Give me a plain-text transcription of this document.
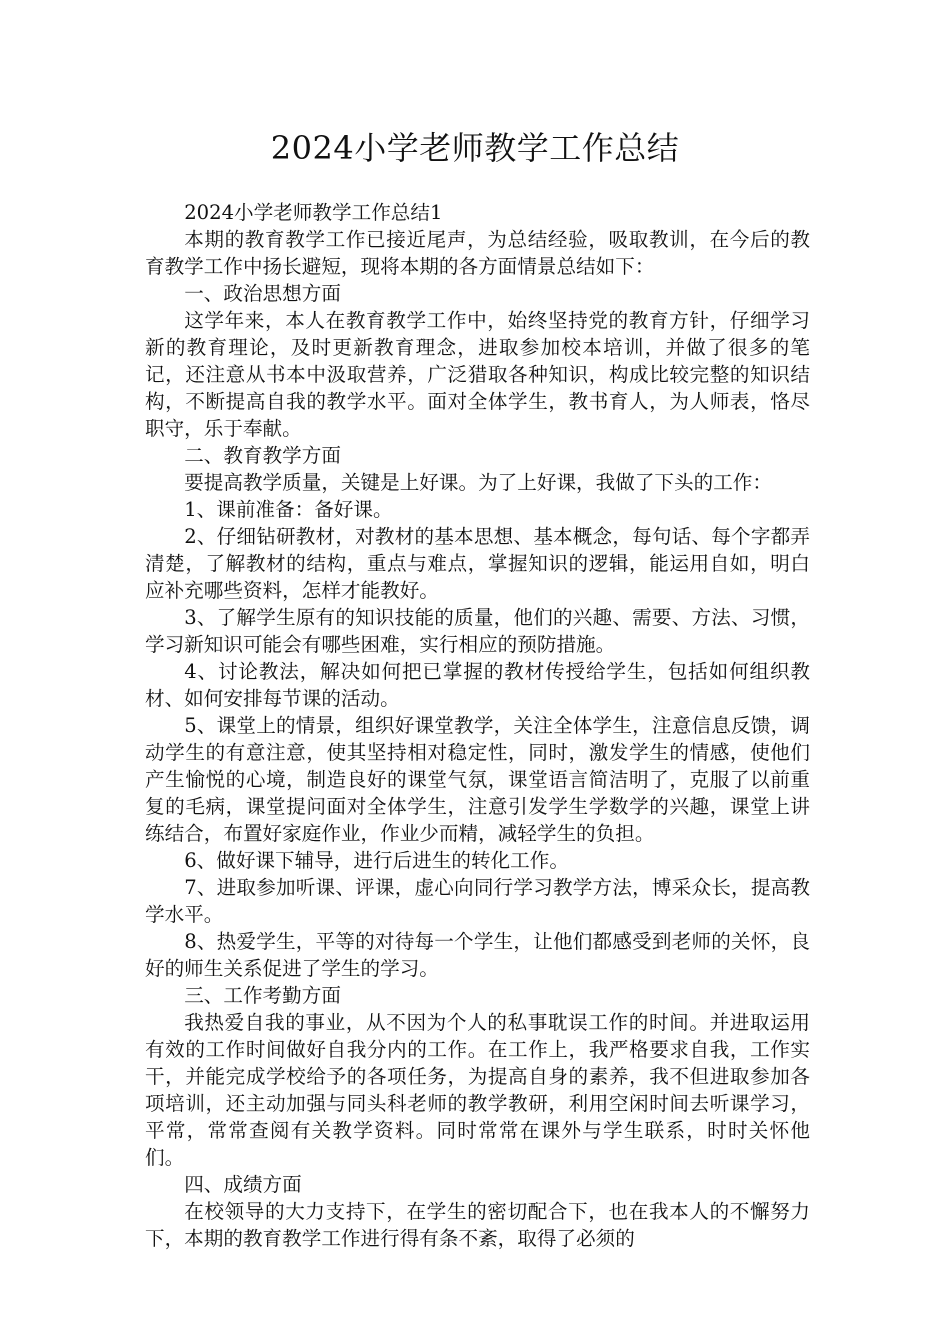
2024小学老师教学工作总结

2024小学老师教学工作总结1

本期的教育教学工作已接近尾声，为总结经验，吸取教训，在今后的教育教学工作中扬长避短，现将本期的各方面情景总结如下：

一、政治思想方面

这学年来，本人在教育教学工作中，始终坚持党的教育方针，仔细学习新的教育理论，及时更新教育理念，进取参加校本培训，并做了很多的笔记，还注意从书本中汲取营养，广泛猎取各种知识，构成比较完整的知识结构，不断提高自我的教学水平。面对全体学生，教书育人，为人师表，恪尽职守，乐于奉献。

二、教育教学方面

要提高教学质量，关键是上好课。为了上好课，我做了下头的工作：

1、课前准备：备好课。

2、仔细钻研教材，对教材的基本思想、基本概念，每句话、每个字都弄清楚，了解教材的结构，重点与难点，掌握知识的逻辑，能运用自如，明白应补充哪些资料，怎样才能教好。

3、了解学生原有的知识技能的质量，他们的兴趣、需要、方法、习惯，学习新知识可能会有哪些困难，实行相应的预防措施。

4、讨论教法，解决如何把已掌握的教材传授给学生，包括如何组织教材、如何安排每节课的活动。

5、课堂上的情景，组织好课堂教学，关注全体学生，注意信息反馈，调动学生的有意注意，使其坚持相对稳定性，同时，激发学生的情感，使他们产生愉悦的心境，制造良好的课堂气氛，课堂语言简洁明了，克服了以前重复的毛病，课堂提问面对全体学生，注意引发学生学数学的兴趣，课堂上讲练结合，布置好家庭作业，作业少而精，减轻学生的负担。

6、做好课下辅导，进行后进生的转化工作。

7、进取参加听课、评课，虚心向同行学习教学方法，博采众长，提高教学水平。

8、热爱学生，平等的对待每一个学生，让他们都感受到老师的关怀，良好的师生关系促进了学生的学习。

三、工作考勤方面

我热爱自我的事业，从不因为个人的私事耽误工作的时间。并进取运用有效的工作时间做好自我分内的工作。在工作上，我严格要求自我，工作实干，并能完成学校给予的各项任务，为提高自身的素养，我不但进取参加各项培训，还主动加强与同头科老师的教学教研，利用空闲时间去听课学习，平常，常常查阅有关教学资料。同时常常在课外与学生联系，时时关怀他们。

四、成绩方面

在校领导的大力支持下，在学生的密切配合下，也在我本人的不懈努力下，本期的教育教学工作进行得有条不紊，取得了必须的
